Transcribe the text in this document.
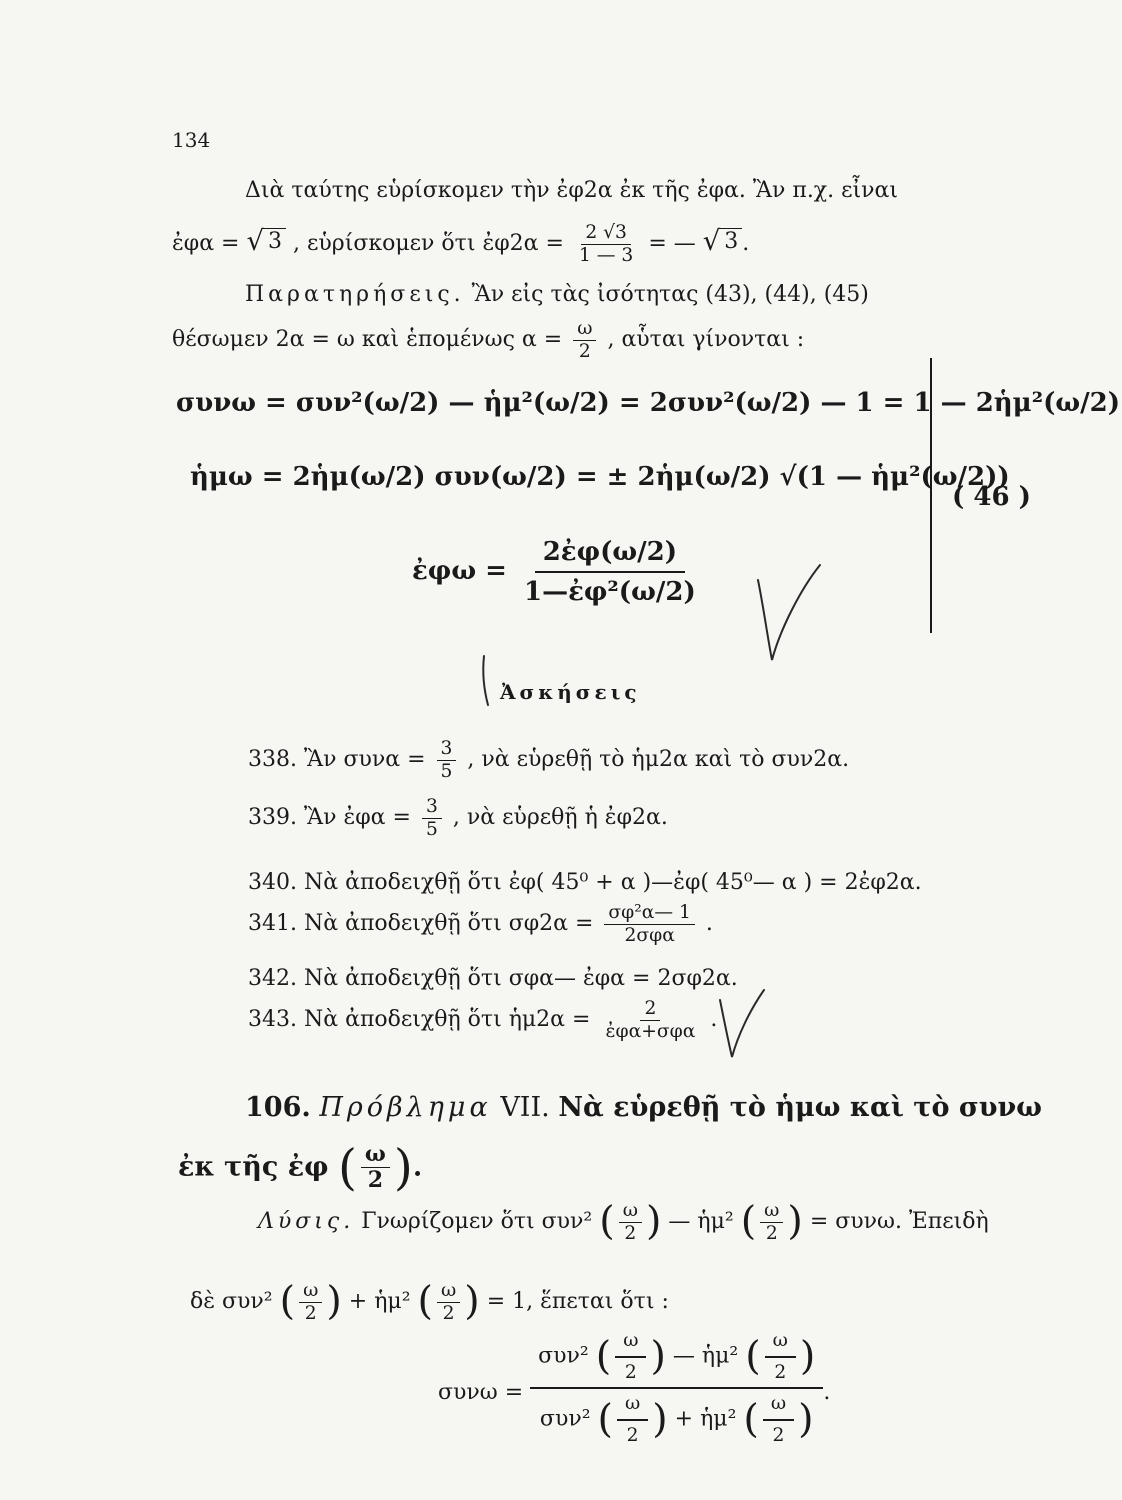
134
Διὰ ταύτης εὑρίσκομεν τὴν ἐφ2α ἐκ τῆς ἐφα. Ἂν π.χ. εἶναι
ἐφα = √ 3 , εὑρίσκομεν ὅτι ἐφ2α = $\frac{2 √3}{1 — 3}$ = — √ 3 .
Παρατηρήσεις. Ἂν εἰς τὰς ἰσότητας (43), (44), (45)
θέσωμεν 2α = ω καὶ ἑπομένως $\alpha = \frac{\omega}{2}$ , αὗται γίνονται :
συνω = συν²(ω/2) — ἡμ²(ω/2) = 2συν²(ω/2) — 1 = 1 — 2ἡμ²(ω/2)
ἡμω = 2ἡμ(ω/2) συν(ω/2) = ± 2ἡμ(ω/2) √(1 — ἡμ²(ω/2))
ἐφω = $\frac{\text{2ἐφ(ω/2)}}{\text{1—ἐφ²(ω/2)}}$
( 46 )
Ἀσκήσεις
338. Ἂν $\sigma\upsilon\nu\alpha = \frac{3}{5}$ , νὰ εὑρεθῇ τὸ ἡμ2α καὶ τὸ συν2α.
339. Ἂν ἐφα = $\frac{3}{5}$ , νὰ εὑρεθῇ ἡ ἐφ2α.
340. Νὰ ἀποδειχθῇ ὅτι ἐφ( 45⁰ + α )—ἐφ( 45⁰— α ) = 2ἐφ2α.
341. Νὰ ἀποδειχθῇ ὅτι $\sigma\varphi 2\alpha = \frac{\text{σφ²α— 1}}{\text{2σφα}}$ .
342. Νὰ ἀποδειχθῇ ὅτι σφα— ἐφα = 2σφ2α.
343. Νὰ ἀποδειχθῇ ὅτι ἡμ2α = $\frac{2}{\text{ἐφα+σφα}}$ .
106. Πρόβλημα VII. Νὰ εὑρεθῇ τὸ ἡμω καὶ τὸ συνω
ἐκ τῆς ἐφ ( $\frac{\omega}{2}$
) .
Λύσις. Γνωρίζομεν ὅτι συν² ( $\frac{\omega}{2}$
) — ἡμ² ( $\frac{\omega}{2}$
) = συνω. Ἐπειδὴ
δὲ συν² ( $\frac{\omega}{2}$
) + ἡμ² ( $\frac{\omega}{2}$
) = 1, ἕπεται ὅτι :
συνω = συν² ( $\frac{\omega}{2}$
) — ἡμ² ( $\frac{\omega}{2}$
)
συν² ( $\frac{\omega}{2}$
) + ἡμ² ( $\frac{\omega}{2}$
) .
